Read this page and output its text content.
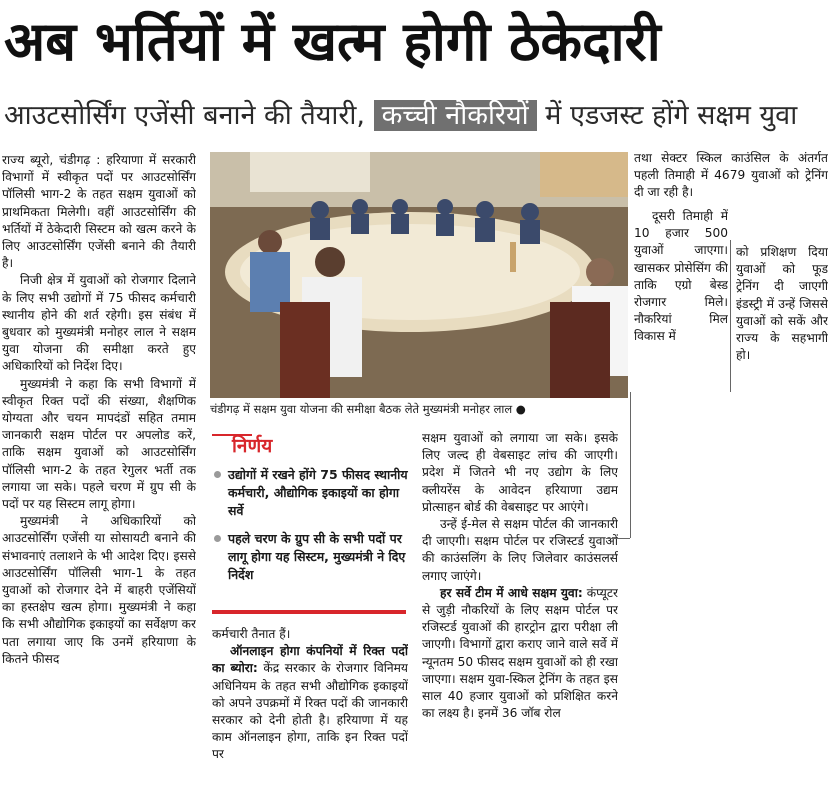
अब भर्तियों में खत्म होगी ठेकेदारी
आउटसोर्सिंग एजेंसी बनाने की तैयारी, कच्ची नौकरियों में एडजस्ट होंगे सक्षम युवा

राज्य ब्यूरो, चंडीगढ़ : हरियाणा में सरकारी विभागों में स्वीकृत पदों पर आउटसोर्सिंग पॉलिसी भाग-2 के तहत सक्षम युवाओं को प्राथमिकता मिलेगी। वहीं आउटसोर्सिंग की भर्तियों में ठेकेदारी सिस्टम को खत्म करने के लिए आउटसोर्सिंग एजेंसी बनाने की तैयारी है।

निजी क्षेत्र में युवाओं को रोजगार दिलाने के लिए सभी उद्योगों में 75 फीसद कर्मचारी स्थानीय होने की शर्त रहेगी। इस संबंध में बुधवार को मुख्यमंत्री मनोहर लाल ने सक्षम युवा योजना की समीक्षा करते हुए अधिकारियों को निर्देश दिए।

मुख्यमंत्री ने कहा कि सभी विभागों में स्वीकृत रिक्त पदों की संख्या, शैक्षणिक योग्यता और चयन मापदंडों सहित तमाम जानकारी सक्षम पोर्टल पर अपलोड करें, ताकि सक्षम युवाओं को आउटसोर्सिंग पॉलिसी भाग-2 के तहत रेगुलर भर्ती तक लगाया जा सके। पहले चरण में ग्रुप सी के पदों पर यह सिस्टम लागू होगा।

मुख्यमंत्री ने अधिकारियों को आउटसोर्सिंग एजेंसी या सोसायटी बनाने की संभावनाएं तलाशने के भी आदेश दिए। इससे आउटसोर्सिंग पॉलिसी भाग-1 के तहत युवाओं को रोजगार देने में बाहरी एजेंसियों का हस्तक्षेप खत्म होगा। मुख्यमंत्री ने कहा कि सभी औद्योगिक इकाइयों का सर्वेक्षण कर पता लगाया जाए कि उनमें हरियाणा के कितने फीसद

चंडीगढ़ में सक्षम युवा योजना की समीक्षा बैठक लेते मुख्यमंत्री मनोहर लाल ●
निर्णय
उद्योगों में रखने होंगे 75 फीसद स्थानीय कर्मचारी, औद्योगिक इकाइयों का होगा सर्वे
पहले चरण के ग्रुप सी के सभी पदों पर लागू होगा यह सिस्टम, मुख्यमंत्री ने दिए निर्देश

कर्मचारी तैनात हैं।

ऑनलाइन होगा कंपनियों में रिक्त पदों का ब्योरा: केंद्र सरकार के रोजगार विनिमय अधिनियम के तहत सभी औद्योगिक इकाइयों को अपने उपक्रमों में रिक्त पदों की जानकारी सरकार को देनी होती है। हरियाणा में यह काम ऑनलाइन होगा, ताकि इन रिक्त पदों पर

सक्षम युवाओं को लगाया जा सके। इसके लिए जल्द ही वेबसाइट लांच की जाएगी। प्रदेश में जितने भी नए उद्योग के लिए क्लीयरेंस के आवेदन हरियाणा उद्यम प्रोत्साहन बोर्ड की वेबसाइट पर आएंगे।

उन्हें ई-मेल से सक्षम पोर्टल की जानकारी दी जाएगी। सक्षम पोर्टल पर रजिस्टर्ड युवाओं की काउंसलिंग के लिए जिलेवार काउंसलर्स लगाए जाएंगे।

हर सर्वे टीम में आधे सक्षम युवा: कंप्यूटर से जुड़ी नौकरियों के लिए सक्षम पोर्टल पर रजिस्टर्ड युवाओं की हारट्रोन द्वारा परीक्षा ली जाएगी। विभागों द्वारा कराए जाने वाले सर्वे में न्यूनतम 50 फीसद सक्षम युवाओं को ही रखा जाएगा। सक्षम युवा-स्किल ट्रेनिंग के तहत इस साल 40 हजार युवाओं को प्रशिक्षित करने का लक्ष्य है। इनमें 36 जॉब रोल

तथा सेक्टर स्किल काउंसिल के अंतर्गत पहली तिमाही में 4679 युवाओं को ट्रेनिंग दी जा रही है।

दूसरी तिमाही में 10 हजार 500 युवाओं जाएगा। खासकर प्रोसेसिंग की ताकि एग्रो बेस्ड रोजगार मिले। नौकरियां मिल विकास में

को प्रशिक्षण दिया युवाओं को फूड ट्रेनिंग दी जाएगी इंडस्ट्री में उन्हें जिससे युवाओं को सकें और राज्य के सहभागी हो।
